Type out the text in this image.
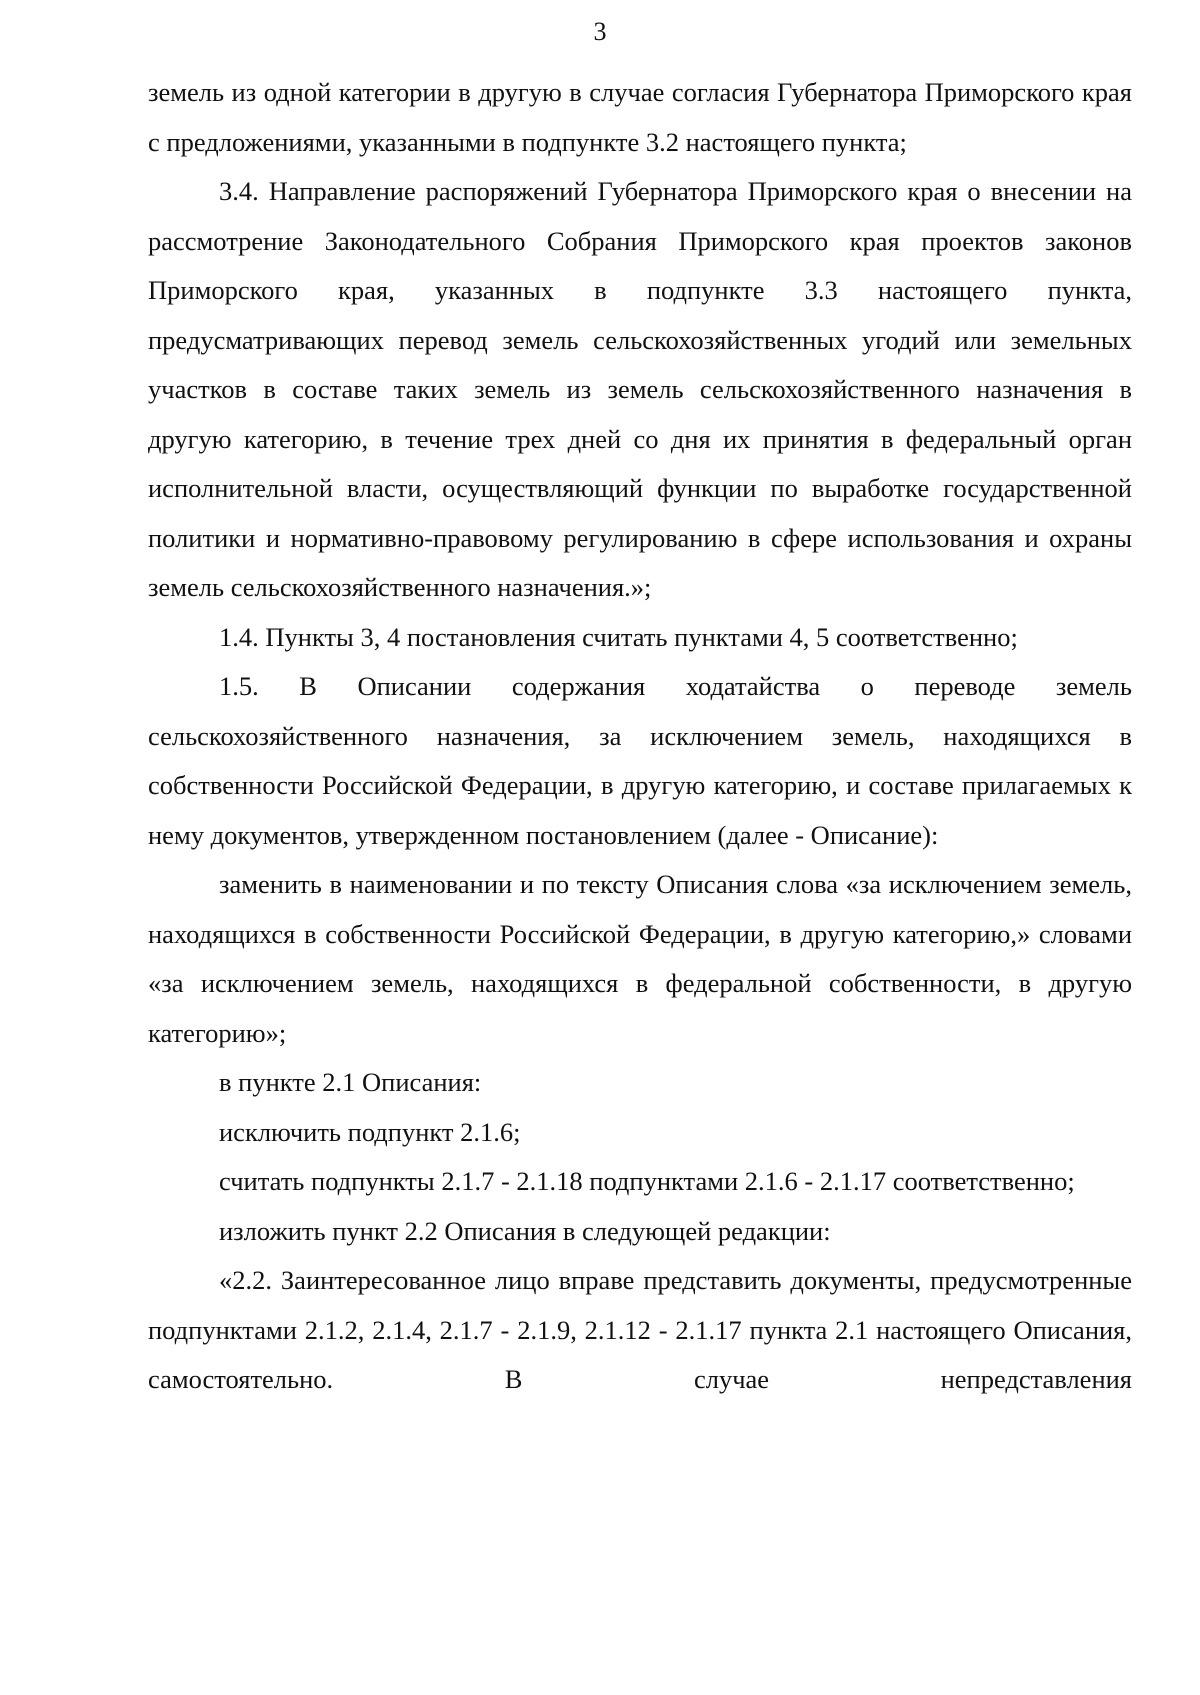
3

земель из одной категории в другую в случае согласия Губернатора Приморского края с предложениями, указанными в подпункте 3.2 настоящего пункта;

3.4. Направление распоряжений Губернатора Приморского края о внесении на рассмотрение Законодательного Собрания Приморского края проектов законов Приморского края, указанных в подпункте 3.3 настоящего пункта, предусматривающих перевод земель сельскохозяйственных угодий или земельных участков в составе таких земель из земель сельскохозяйственного назначения в другую категорию, в течение трех дней со дня их принятия в федеральный орган исполнительной власти, осуществляющий функции по выработке государственной политики и нормативно-правовому регулированию в сфере использования и охраны земель сельскохозяйственного назначения.»;

1.4. Пункты 3, 4 постановления считать пунктами 4, 5 соответственно;

1.5. В Описании содержания ходатайства о переводе земель сельскохозяйственного назначения, за исключением земель, находящихся в собственности Российской Федерации, в другую категорию, и составе прилагаемых к нему документов, утвержденном постановлением (далее - Описание):

заменить в наименовании и по тексту Описания слова «за исключением земель, находящихся в собственности Российской Федерации, в другую категорию,» словами «за исключением земель, находящихся в федеральной собственности, в другую категорию»;

в пункте 2.1 Описания:

исключить подпункт 2.1.6;

считать подпункты 2.1.7 - 2.1.18 подпунктами 2.1.6 - 2.1.17 соответственно;

изложить пункт 2.2 Описания в следующей редакции:

«2.2. Заинтересованное лицо вправе представить документы, предусмотренные подпунктами 2.1.2, 2.1.4, 2.1.7 - 2.1.9, 2.1.12 - 2.1.17 пункта 2.1 настоящего Описания, самостоятельно. В случае непредставления
